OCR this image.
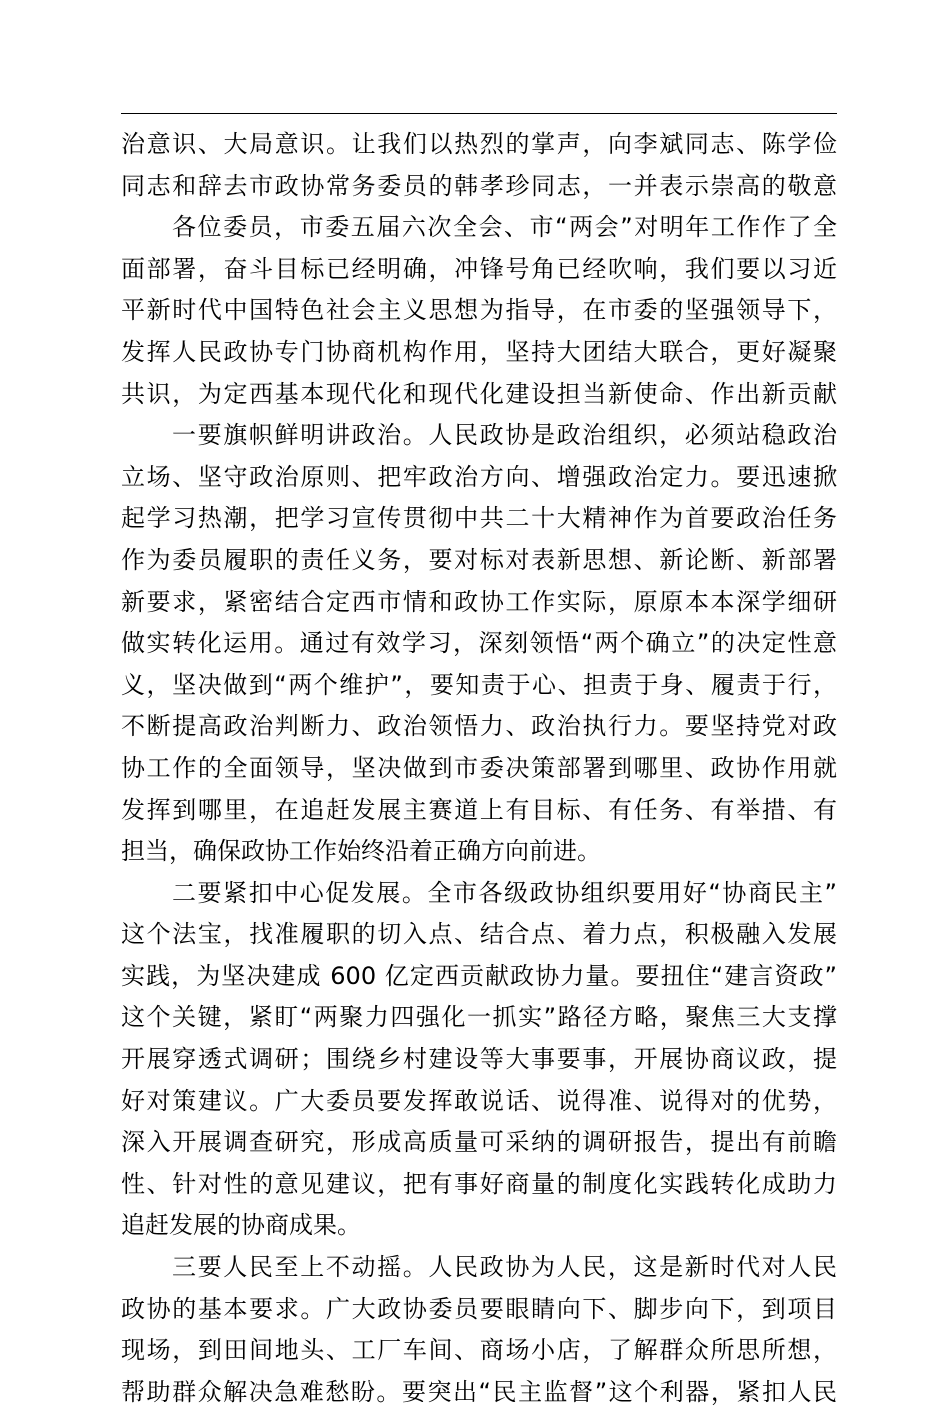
治意识、大局意识。让我们以热烈的掌声，向李斌同志、陈学俭
同志和辞去市政协常务委员的韩孝珍同志，一并表示崇高的敬意
各位委员，市委五届六次全会、市“两会”对明年工作作了全
面部署，奋斗目标已经明确，冲锋号角已经吹响，我们要以习近
平新时代中国特色社会主义思想为指导，在市委的坚强领导下，
发挥人民政协专门协商机构作用，坚持大团结大联合，更好凝聚
共识，为定西基本现代化和现代化建设担当新使命、作出新贡献
一要旗帜鲜明讲政治。人民政协是政治组织，必须站稳政治
立场、坚守政治原则、把牢政治方向、增强政治定力。要迅速掀
起学习热潮，把学习宣传贯彻中共二十大精神作为首要政治任务
作为委员履职的责任义务，要对标对表新思想、新论断、新部署
新要求，紧密结合定西市情和政协工作实际，原原本本深学细研
做实转化运用。通过有效学习，深刻领悟“两个确立”的决定性意
义，坚决做到“两个维护”，要知责于心、担责于身、履责于行，
不断提高政治判断力、政治领悟力、政治执行力。要坚持党对政
协工作的全面领导，坚决做到市委决策部署到哪里、政协作用就
发挥到哪里，在追赶发展主赛道上有目标、有任务、有举措、有
担当，确保政协工作始终沿着正确方向前进。
二要紧扣中心促发展。全市各级政协组织要用好“协商民主”
这个法宝，找准履职的切入点、结合点、着力点，积极融入发展
实践，为坚决建成 600 亿定西贡献政协力量。要扭住“建言资政”
这个关键，紧盯“两聚力四强化一抓实”路径方略，聚焦三大支撑
开展穿透式调研；围绕乡村建设等大事要事，开展协商议政，提
好对策建议。广大委员要发挥敢说话、说得准、说得对的优势，
深入开展调查研究，形成高质量可采纳的调研报告，提出有前瞻
性、针对性的意见建议，把有事好商量的制度化实践转化成助力
追赶发展的协商成果。
三要人民至上不动摇。人民政协为人民，这是新时代对人民
政协的基本要求。广大政协委员要眼睛向下、脚步向下，到项目
现场，到田间地头、工厂车间、商场小店，了解群众所思所想，
帮助群众解决急难愁盼。要突出“民主监督”这个利器，紧扣人民
